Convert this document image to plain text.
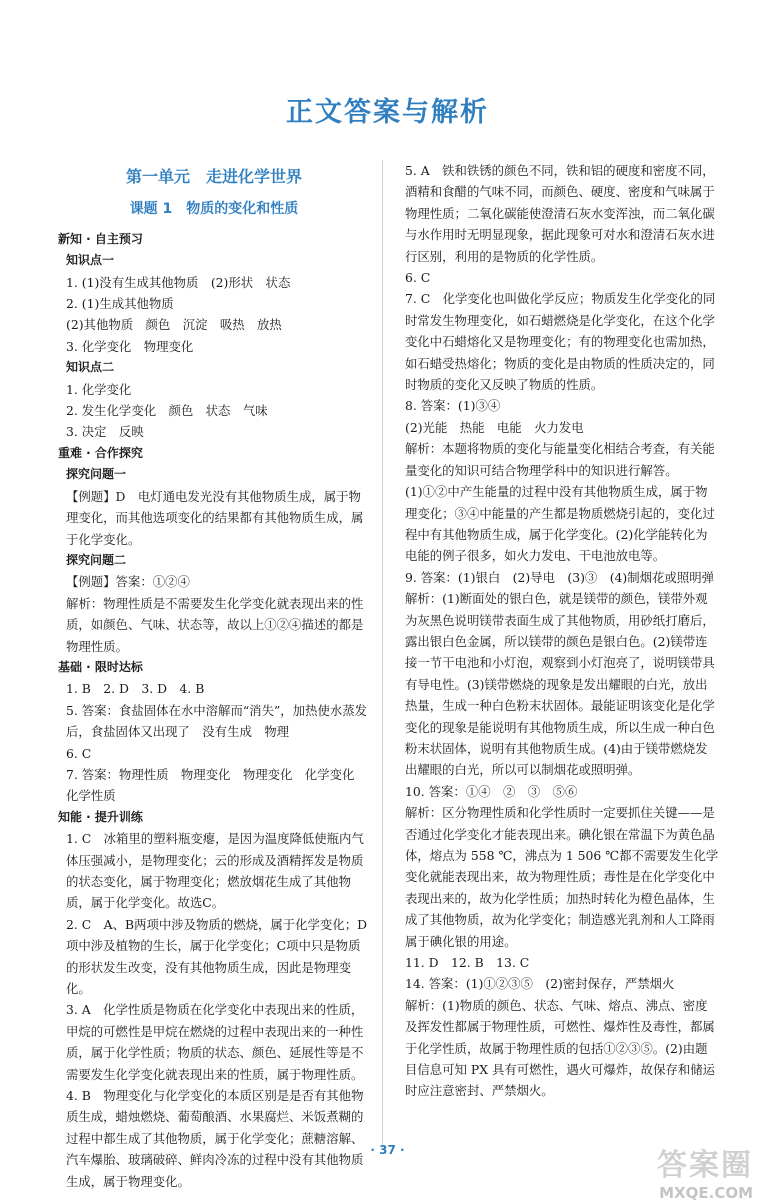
正文答案与解析

第一单元　走进化学世界

课题 1　物质的变化和性质

新知 · 自主预习

知识点一

1. (1)没有生成其他物质　(2)形状　状态

2. (1)生成其他物质

(2)其他物质　颜色　沉淀　吸热　放热

3. 化学变化　物理变化

知识点二

1. 化学变化

2. 发生化学变化　颜色　状态　气味

3. 决定　反映

重难 · 合作探究

探究问题一

【例题】D　电灯通电发光没有其他物质生成，属于物理变化，而其他选项变化的结果都有其他物质生成，属于化学变化。

探究问题二

【例题】答案：①②④

解析：物理性质是不需要发生化学变化就表现出来的性质，如颜色、气味、状态等，故以上①②④描述的都是物理性质。

基础 · 限时达标

1. B　2. D　3. D　4. B

5. 答案：食盐固体在水中溶解而“消失”，加热使水蒸发后，食盐固体又出现了　没有生成　物理

6. C

7. 答案：物理性质　物理变化　物理变化　化学变化　化学性质

知能 · 提升训练

1. C　冰箱里的塑料瓶变瘪，是因为温度降低使瓶内气体压强减小，是物理变化；云的形成及酒精挥发是物质的状态变化，属于物理变化；燃放烟花生成了其他物质，属于化学变化。故选C。

2. C　A、B两项中涉及物质的燃烧，属于化学变化；D项中涉及植物的生长，属于化学变化；C项中只是物质的形状发生改变，没有其他物质生成，因此是物理变化。

3. A　化学性质是物质在化学变化中表现出来的性质，甲烷的可燃性是甲烷在燃烧的过程中表现出来的一种性质，属于化学性质；物质的状态、颜色、延展性等是不需要发生化学变化就表现出来的性质，属于物理性质。

4. B　物理变化与化学变化的本质区别是是否有其他物质生成，蜡烛燃烧、葡萄酿酒、水果腐烂、米饭煮糊的过程中都生成了其他物质，属于化学变化；蔗糖溶解、汽车爆胎、玻璃破碎、鲜肉冷冻的过程中没有其他物质生成，属于物理变化。

5. A　铁和铁锈的颜色不同，铁和铝的硬度和密度不同，酒精和食醋的气味不同，而颜色、硬度、密度和气味属于物理性质；二氧化碳能使澄清石灰水变浑浊，而二氧化碳与水作用时无明显现象，据此现象可对水和澄清石灰水进行区别，利用的是物质的化学性质。

6. C

7. C　化学变化也叫做化学反应；物质发生化学变化的同时常发生物理变化，如石蜡燃烧是化学变化，在这个化学变化中石蜡熔化又是物理变化；有的物理变化也需加热，如石蜡受热熔化；物质的变化是由物质的性质决定的，同时物质的变化又反映了物质的性质。

8. 答案：(1)③④

(2)光能　热能　电能　火力发电

解析：本题将物质的变化与能量变化相结合考查，有关能量变化的知识可结合物理学科中的知识进行解答。(1)①②中产生能量的过程中没有其他物质生成，属于物理变化；③④中能量的产生都是物质燃烧引起的，变化过程中有其他物质生成，属于化学变化。(2)化学能转化为电能的例子很多，如火力发电、干电池放电等。

9. 答案：(1)银白　(2)导电　(3)③　(4)制烟花或照明弹

解析：(1)断面处的银白色，就是镁带的颜色，镁带外观为灰黑色说明镁带表面生成了其他物质，用砂纸打磨后，露出银白色金属，所以镁带的颜色是银白色。(2)镁带连接一节干电池和小灯泡，观察到小灯泡亮了，说明镁带具有导电性。(3)镁带燃烧的现象是发出耀眼的白光，放出热量，生成一种白色粉末状固体。最能证明该变化是化学变化的现象是能说明有其他物质生成，所以生成一种白色粉末状固体，说明有其他物质生成。(4)由于镁带燃烧发出耀眼的白光，所以可以制烟花或照明弹。

10. 答案：①④　②　③　⑤⑥

解析：区分物理性质和化学性质时一定要抓住关键——是否通过化学变化才能表现出来。碘化银在常温下为黄色晶体，熔点为 558 ℃，沸点为 1 506 ℃都不需要发生化学变化就能表现出来，故为物理性质；毒性是在化学变化中表现出来的，故为化学性质；加热时转化为橙色晶体，生成了其他物质，故为化学变化；制造感光乳剂和人工降雨属于碘化银的用途。

11. D　12. B　13. C

14. 答案：(1)①②③⑤　(2)密封保存，严禁烟火

解析：(1)物质的颜色、状态、气味、熔点、沸点、密度及挥发性都属于物理性质，可燃性、爆炸性及毒性，都属于化学性质，故属于物理性质的包括①②③⑤。(2)由题目信息可知 PX 具有可燃性，遇火可爆炸，故保存和储运时应注意密封、严禁烟火。

· 37 ·	答案圈
MXQE.COM
